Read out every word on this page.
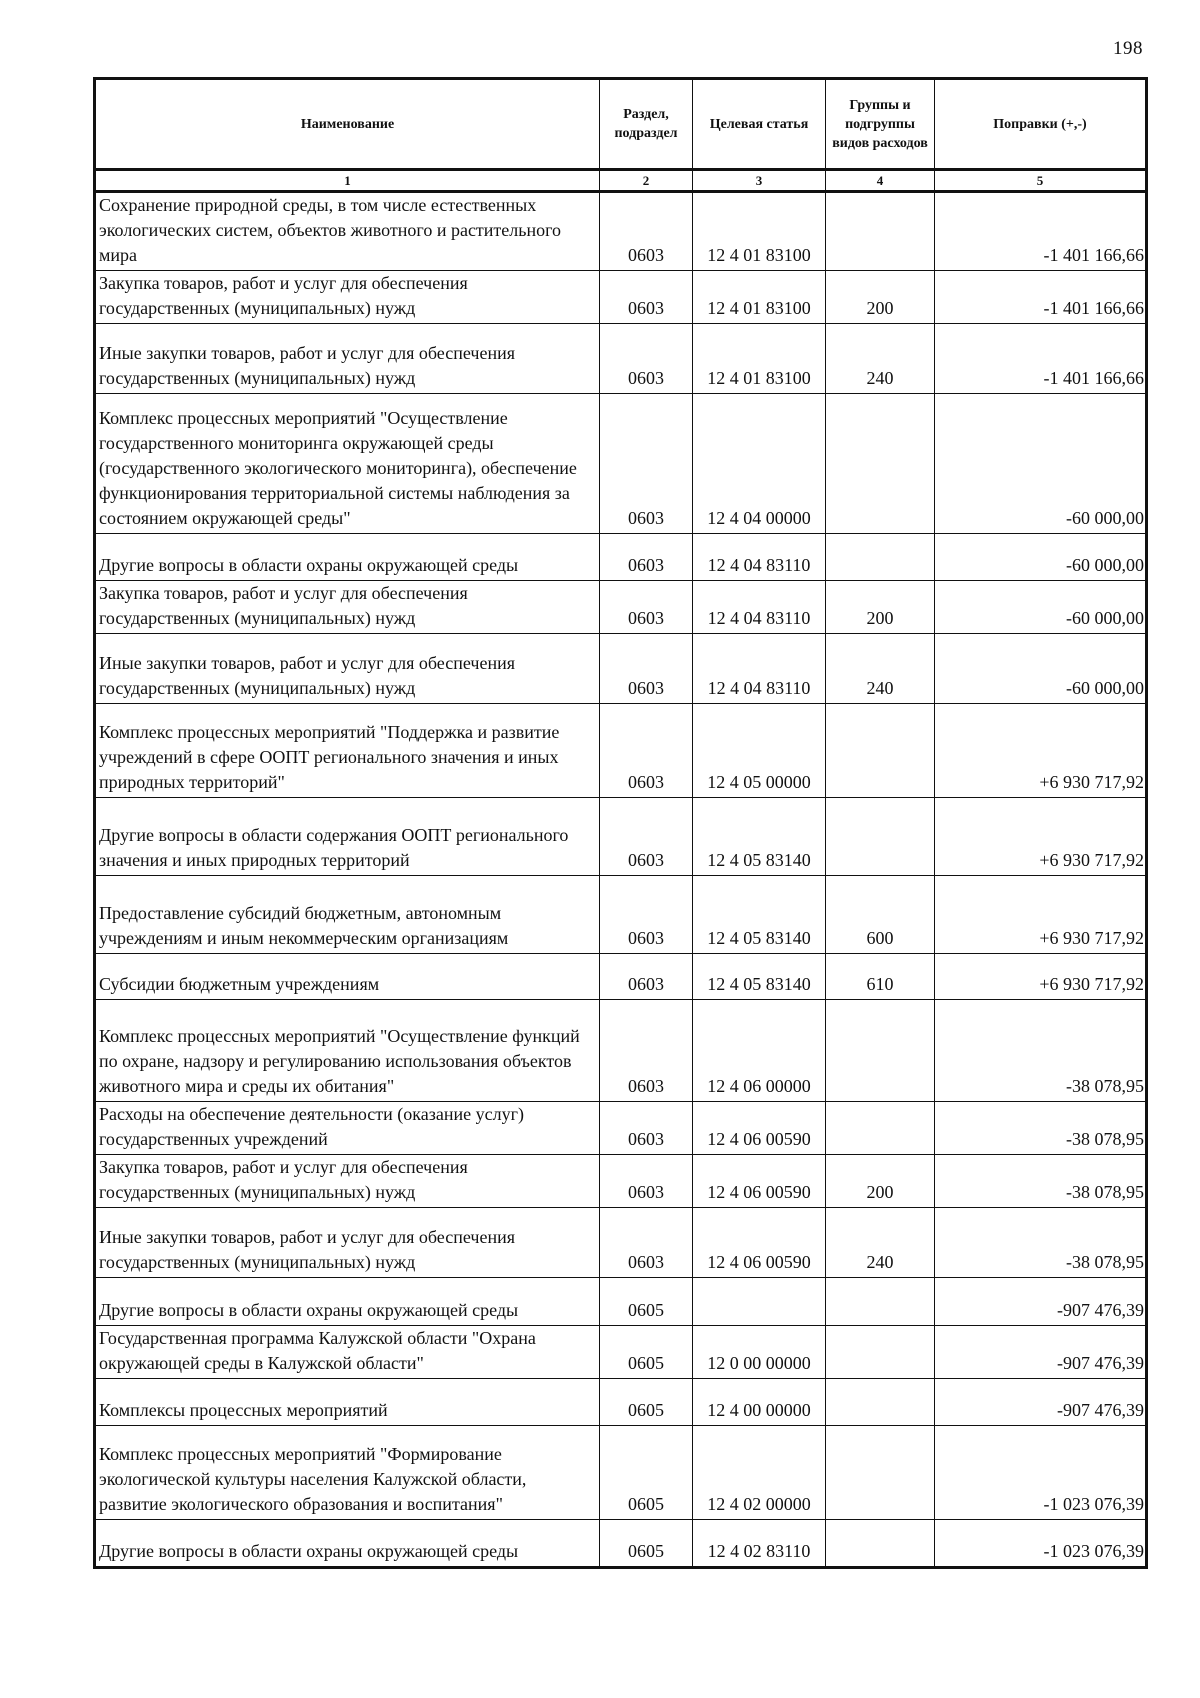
198
Наименование	Раздел, подраздел	Целевая статья	Группы и подгруппы видов расходов	Поправки (+,-)
1	2	3	4	5
Сохранение природной среды, в том числе естественных экологических систем, объектов животного и растительного мира	0603	12 4 01 83100		-1 401 166,66
Закупка товаров, работ и услуг для обеспечения государственных (муниципальных) нужд	0603	12 4 01 83100	200	-1 401 166,66
Иные закупки товаров, работ и услуг для обеспечения государственных (муниципальных) нужд	0603	12 4 01 83100	240	-1 401 166,66
Комплекс процессных мероприятий "Осуществление государственного мониторинга окружающей среды (государственного экологического мониторинга), обеспечение функционирования территориальной системы наблюдения за состоянием окружающей среды"	0603	12 4 04 00000		-60 000,00
Другие вопросы в области охраны окружающей среды	0603	12 4 04 83110		-60 000,00
Закупка товаров, работ и услуг для обеспечения государственных (муниципальных) нужд	0603	12 4 04 83110	200	-60 000,00
Иные закупки товаров, работ и услуг для обеспечения государственных (муниципальных) нужд	0603	12 4 04 83110	240	-60 000,00
Комплекс процессных мероприятий "Поддержка и развитие учреждений в сфере ООПТ регионального значения и иных природных территорий"	0603	12 4 05 00000		+6 930 717,92
Другие вопросы в области содержания ООПТ регионального значения и иных природных территорий	0603	12 4 05 83140		+6 930 717,92
Предоставление субсидий бюджетным, автономным учреждениям и иным некоммерческим организациям	0603	12 4 05 83140	600	+6 930 717,92
Субсидии бюджетным учреждениям	0603	12 4 05 83140	610	+6 930 717,92
Комплекс процессных мероприятий "Осуществление функций по охране, надзору и регулированию использования объектов животного мира и среды их обитания"	0603	12 4 06 00000		-38 078,95
Расходы на обеспечение деятельности (оказание услуг) государственных учреждений	0603	12 4 06 00590		-38 078,95
Закупка товаров, работ и услуг для обеспечения государственных (муниципальных) нужд	0603	12 4 06 00590	200	-38 078,95
Иные закупки товаров, работ и услуг для обеспечения государственных (муниципальных) нужд	0603	12 4 06 00590	240	-38 078,95
Другие вопросы в области охраны окружающей среды	0605			-907 476,39
Государственная программа Калужской области "Охрана окружающей среды в Калужской области"	0605	12 0 00 00000		-907 476,39
Комплексы процессных мероприятий	0605	12 4 00 00000		-907 476,39
Комплекс процессных мероприятий "Формирование экологической культуры населения Калужской области, развитие экологического образования и воспитания"	0605	12 4 02 00000		-1 023 076,39
Другие вопросы в области охраны окружающей среды	0605	12 4 02 83110		-1 023 076,39
